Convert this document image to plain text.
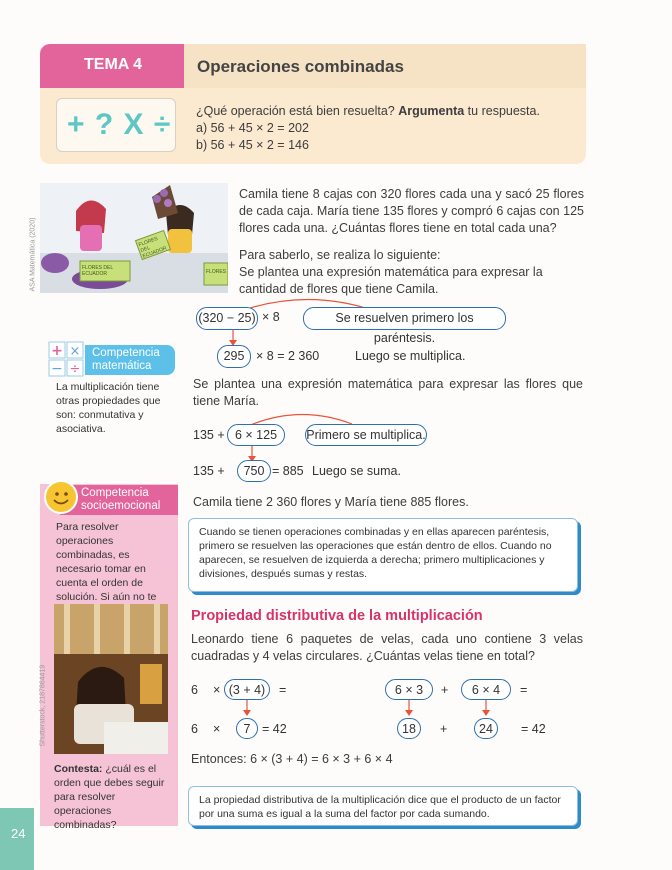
TEMA 4	Operaciones combinadas
+ ? X ÷ ¿Qué operación está bien resuelta? Argumenta tu respuesta.
a) 56 + 45 × 2 = 202
b) 56 + 45 × 2 = 146
ASA Matemática (2020)	FLORES DEL ECUADOR
FLORES DEL ECUADOR
FLORES

Camila tiene 8 cajas con 320 flores cada una y sacó 25 flores de cada caja. María tiene 135 flores y compró 6 cajas con 125 flores cada una. ¿Cuántas flores tiene en total cada una?

Para saberlo, se realiza lo siguiente:

Se plantea una expresión matemática para expresar la cantidad de flores que tiene Camila.

(320 − 25) × 8	Se resuelven primero los paréntesis.
295 × 8 = 2 360	Luego se multiplica.

Se plantea una expresión matemática para expresar las flores que tiene María.

135 + 6 × 125	Primero se multiplica.
135 +	750 = 885 Luego se suma.

Camila tiene 2 360 flores y María tiene 885 flores.

Cuando se tienen operaciones combinadas y en ellas aparecen paréntesis, primero se resuelven las operaciones que están dentro de ellos. Cuando no aparecen, se resuelven de izquierda a derecha; primero multiplicaciones y divisiones, después sumas y restas.
Propiedad distributiva de la multiplicación

Leonardo tiene 6 paquetes de velas, cada uno contiene 3 velas cuadradas y 4 velas circulares. ¿Cuántas velas tiene en total?

6 × (3 + 4)	=
6 ×	7 = 42
6 × 3	+	6 × 4	=
18	+	24	= 42

Entonces: 6 × (3 + 4) = 6 × 3 + 6 × 4

La propiedad distributiva de la multiplicación dice que el producto de un factor por una suma es igual a la suma del factor por cada sumando.
+ ×
− ÷
Competencia matemática

La multiplicación tiene otras propiedades que son: conmutativa y asociativa.

Competencia socioemocional

Para resolver operaciones combinadas, es necesario tomar en cuenta el orden de solución. Si aún no te

Shutterstock, 2187864419

Contesta: ¿cuál es el orden que debes seguir para resolver operaciones combinadas?

24
